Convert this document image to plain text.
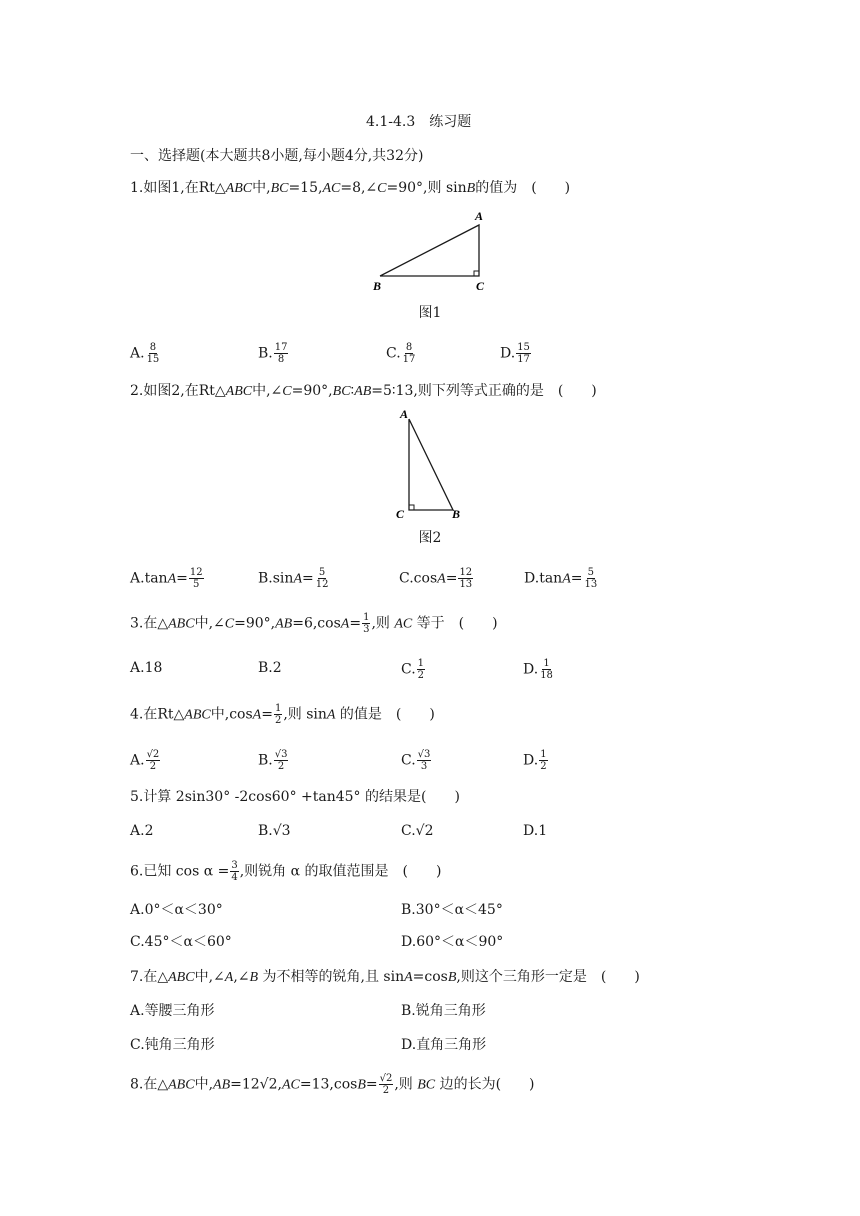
4.1-4.3　练习题
一、选择题(本大题共8小题,每小题4分,共32分)
1.如图1,在Rt△ABC中,BC=15,AC=8,∠C=90°,则 sinB的值为　(　　)
A
B	C
图1
A. $\frac{8}{15}$	B. $\frac{17}{8}$	C. $\frac{8}{17}$	D. $\frac{15}{17}$
2.如图2,在Rt△ABC中,∠C=90°,BC∶AB=5∶13,则下列等式正确的是　(　　)
A
C	B
图2
$A.\tan A= \frac{12}{5}$	$B.\sin A= \frac{5}{12}$	$C.\cos A= \frac{12}{13}$	$D.\tan A= \frac{5}{13}$
3.在△ABC中,∠C=90°,AB=6,cosA= $\frac{1}{3}$ ,则 AC 等于　(　　)
A.18	B.2	C. $\frac{1}{2}$	D. $\frac{1}{18}$
4.在Rt△ABC中$,\cos A= \frac{1}{2}$ ,则 sinA 的值是　(　　)
A. $\frac{√2}{2}$	B. $\frac{√3}{2}$	C. $\frac{√3}{3}$	D. $\frac{1}{2}$
5.计算 2sin30° -2cos60° +tan45° 的结果是(　　)
A.2	B.√3	C.√2	D.1
6.已知 $\cos \alpha = \frac{3}{4}$ ,则锐角 α 的取值范围是　(　　)
A.0°＜α＜30°	B.30°＜α＜45°
C.45°＜α＜60°	D.60°＜α＜90°
7.在△ABC中,∠A,∠B 为不相等的锐角,且 sinA=cosB,则这个三角形一定是　(　　)
A.等腰三角形	B.锐角三角形
C.钝角三角形	D.直角三角形
8.在△ABC中$,AB=12√2,AC=13,\cos B= \frac{√2}{2}$ ,则 BC 边的长为(　　)
